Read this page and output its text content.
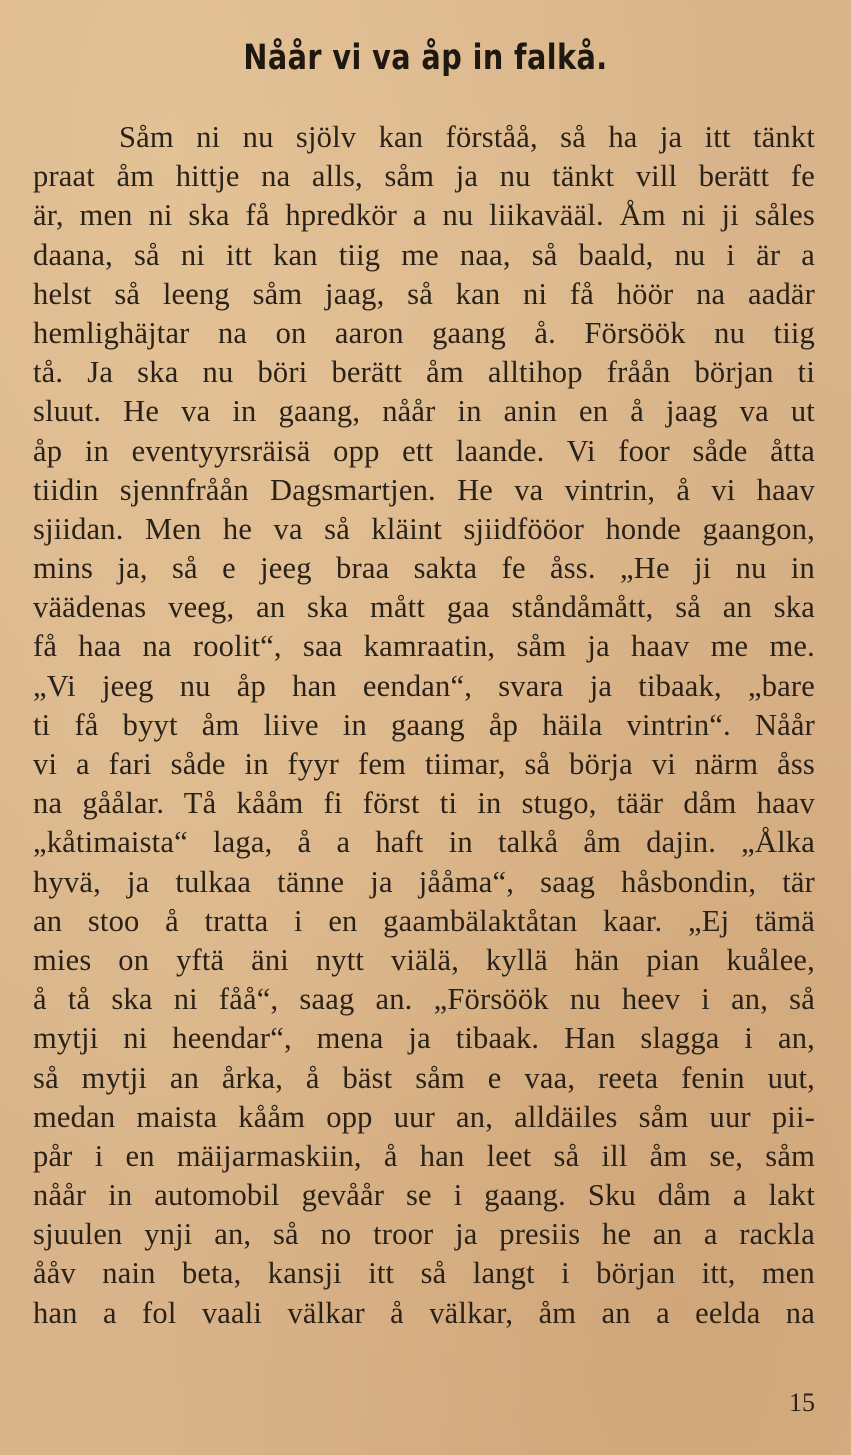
Nåår vi va åp in falkå.
Såm ni nu sjölv kan förståå, så ha ja itt tänkt
praat åm hittje na alls, såm ja nu tänkt vill berätt fe
är, men ni ska få hpredkör a nu liikavääl. Åm ni ji såles
daana, så ni itt kan tiig me naa, så baald, nu i är a
helst så leeng såm jaag, så kan ni få höör na aadär
hemlighäjtar na on aaron gaang å. Försöök nu tiig
tå. Ja ska nu böri berätt åm alltihop fråån början ti
sluut. He va in gaang, nåår in anin en å jaag va ut
åp in eventyyrsräisä opp ett laande. Vi foor såde åtta
tiidin sjennfråån Dagsmartjen. He va vintrin, å vi haav
sjiidan. Men he va så kläint sjiidfööor honde gaangon,
mins ja, så e jeeg braa sakta fe åss. „He ji nu in
väädenas veeg, an ska mått gaa ståndåmått, så an ska
få haa na roolit“, saa kamraatin, såm ja haav me me.
„Vi jeeg nu åp han eendan“, svara ja tibaak, „bare
ti få byyt åm liive in gaang åp häila vintrin“. Nåår
vi a fari såde in fyyr fem tiimar, så börja vi närm åss
na gåålar. Tå kååm fi först ti in stugo, täär dåm haav
„kåtimaista“ laga, å a haft in talkå åm dajin. „Ålka
hyvä, ja tulkaa tänne ja jååma“, saag håsbondin, tär
an stoo å tratta i en gaambälaktåtan kaar. „Ej tämä
mies on yftä äni nytt viälä, kyllä hän pian kuålee,
å tå ska ni fåå“, saag an. „Försöök nu heev i an, så
mytji ni heendar“, mena ja tibaak. Han slagga i an,
så mytji an årka, å bäst såm e vaa, reeta fenin uut,
medan maista kååm opp uur an, alldäiles såm uur pii-
pår i en mäijarmaskiin, å han leet så ill åm se, såm
nåår in automobil gevåår se i gaang. Sku dåm a lakt
sjuulen ynji an, så no troor ja presiis he an a rackla
ååv nain beta, kansji itt så langt i början itt, men
han a fol vaali välkar å välkar, åm an a eelda na
15
